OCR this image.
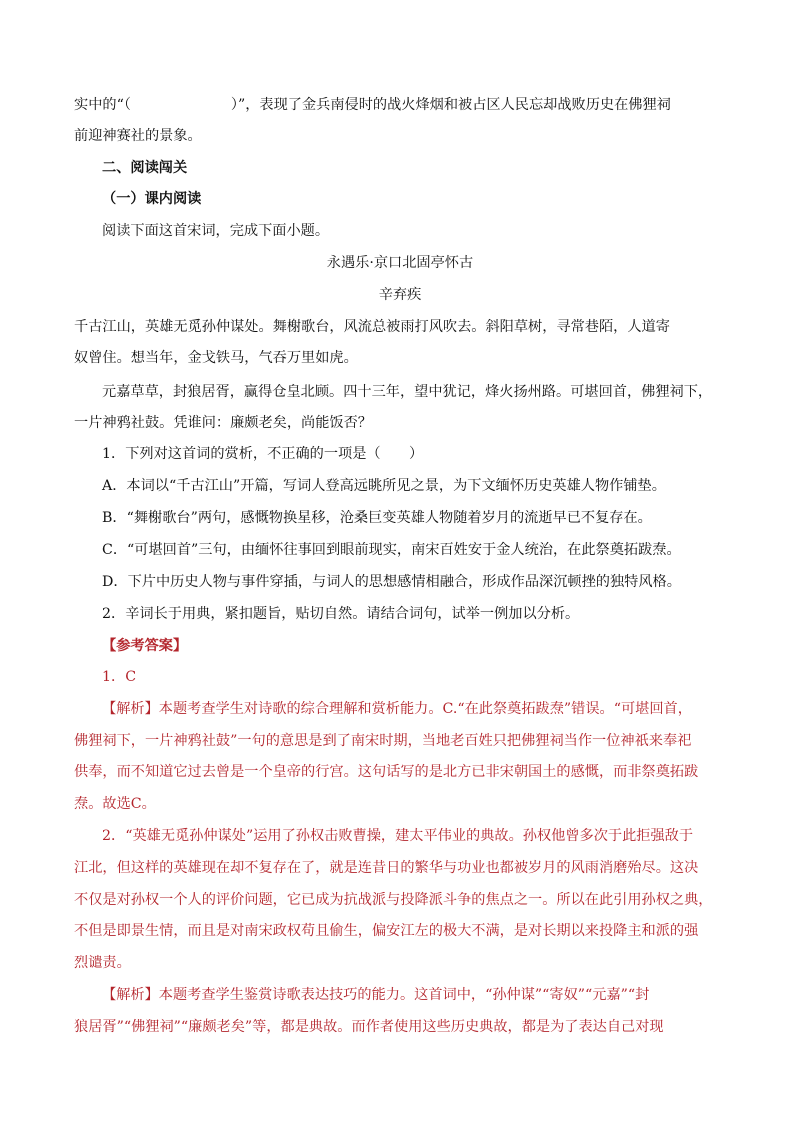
实中的“（	）”，表现了金兵南侵时的战火烽烟和被占区人民忘却战败历史在佛狸祠
前迎神赛社的景象。
二、阅读闯关
（一）课内阅读
阅读下面这首宋词，完成下面小题。
永遇乐·京口北固亭怀古
辛弃疾
千古江山，英雄无觅孙仲谋处。舞榭歌台，风流总被雨打风吹去。斜阳草树，寻常巷陌，人道寄
奴曾住。想当年，金戈铁马，气吞万里如虎。
元嘉草草，封狼居胥，赢得仓皇北顾。四十三年，望中犹记，烽火扬州路。可堪回首，佛狸祠下，
一片神鸦社鼓。凭谁问：廉颇老矣，尚能饭否？
1．下列对这首词的赏析，不正确的一项是（　　）
A．本词以“千古江山”开篇，写词人登高远眺所见之景，为下文缅怀历史英雄人物作铺垫。
B．“舞榭歌台”两句，感慨物换星移，沧桑巨变英雄人物随着岁月的流逝早已不复存在。
C．“可堪回首”三句，由缅怀往事回到眼前现实，南宋百姓安于金人统治，在此祭奠拓跋焘。
D．下片中历史人物与事件穿插，与词人的思想感情相融合，形成作品深沉顿挫的独特风格。
2．辛词长于用典，紧扣题旨，贴切自然。请结合词句，试举一例加以分析。
【参考答案】
1．C
【解析】本题考查学生对诗歌的综合理解和赏析能力。C.“在此祭奠拓跋焘”错误。“可堪回首，
佛狸祠下，一片神鸦社鼓”一句的意思是到了南宋时期，当地老百姓只把佛狸祠当作一位神祇来奉祀
供奉，而不知道它过去曾是一个皇帝的行宫。这句话写的是北方已非宋朝国土的感慨，而非祭奠拓跋
焘。故选C。
2．“英雄无觅孙仲谋处”运用了孙权击败曹操，建太平伟业的典故。孙权他曾多次于此拒强敌于
江北，但这样的英雄现在却不复存在了，就是连昔日的繁华与功业也都被岁月的风雨消磨殆尽。这决
不仅是对孙权一个人的评价问题，它已成为抗战派与投降派斗争的焦点之一。所以在此引用孙权之典，
不但是即景生情，而且是对南宋政权苟且偷生，偏安江左的极大不满，是对长期以来投降主和派的强
烈谴责。
【解析】本题考查学生鉴赏诗歌表达技巧的能力。这首词中，“孙仲谋”“寄奴”“元嘉”“封
狼居胥”“佛狸祠”“廉颇老矣”等，都是典故。而作者使用这些历史典故，都是为了表达自己对现
